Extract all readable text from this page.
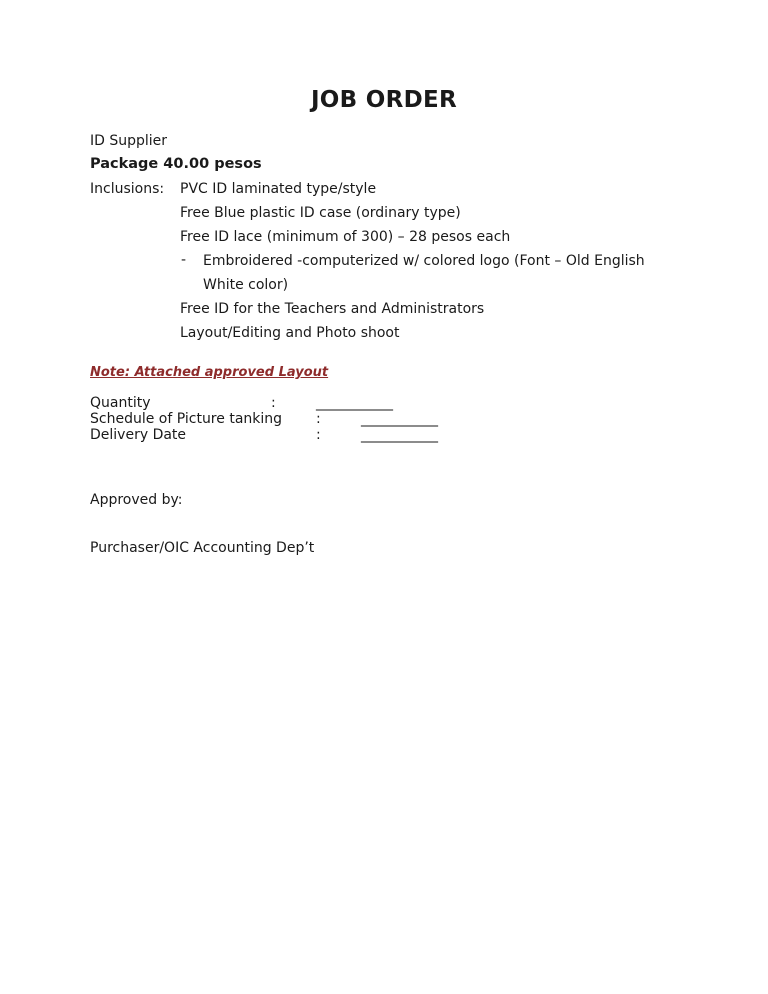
JOB ORDER
ID Supplier
Package 40.00 pesos
Inclusions: PVC ID laminated type/style
Free Blue plastic ID case (ordinary type)
Free ID lace (minimum of 300) – 28 pesos each
- Embroidered -computerized w/ colored logo (Font – Old English
White color)
Free ID for the Teachers and Administrators
Layout/Editing and Photo shoot
Note: Attached approved Layout
Quantity	:	___________
Schedule of Picture tanking :	___________
Delivery Date	:	___________
Approved by:
Purchaser/OIC Accounting Dep’t
